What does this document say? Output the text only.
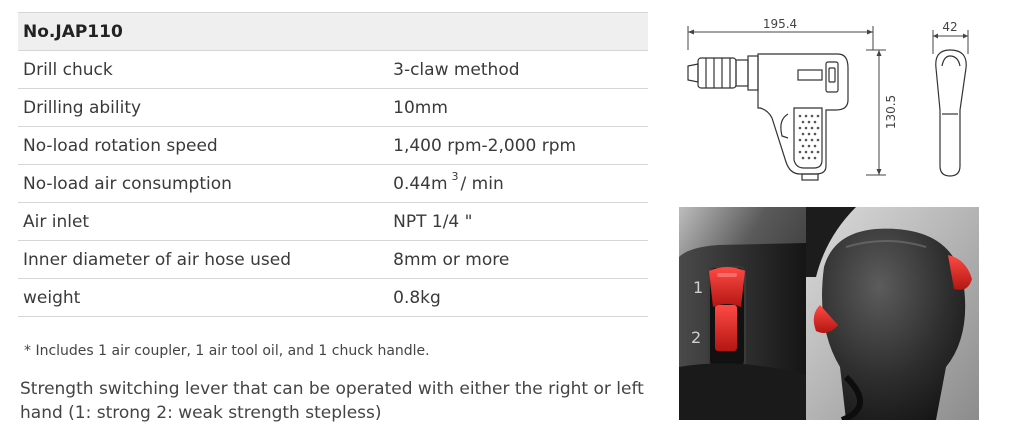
No.JAP110	
Drill chuck	3-claw method
Drilling ability	10mm
No-load rotation speed	1,400 rpm-2,000 rpm
No-load air consumption	0.44m $^3$ / min
Air inlet	NPT 1/4 "
Inner diameter of air hose used	8mm or more
weight	0.8kg
* Includes 1 air coupler, 1 air tool oil, and 1 chuck handle.
Strength switching lever that can be operated with either the right or left hand (1: strong 2: weak strength stepless)
195.4
130.5
42
1
2
